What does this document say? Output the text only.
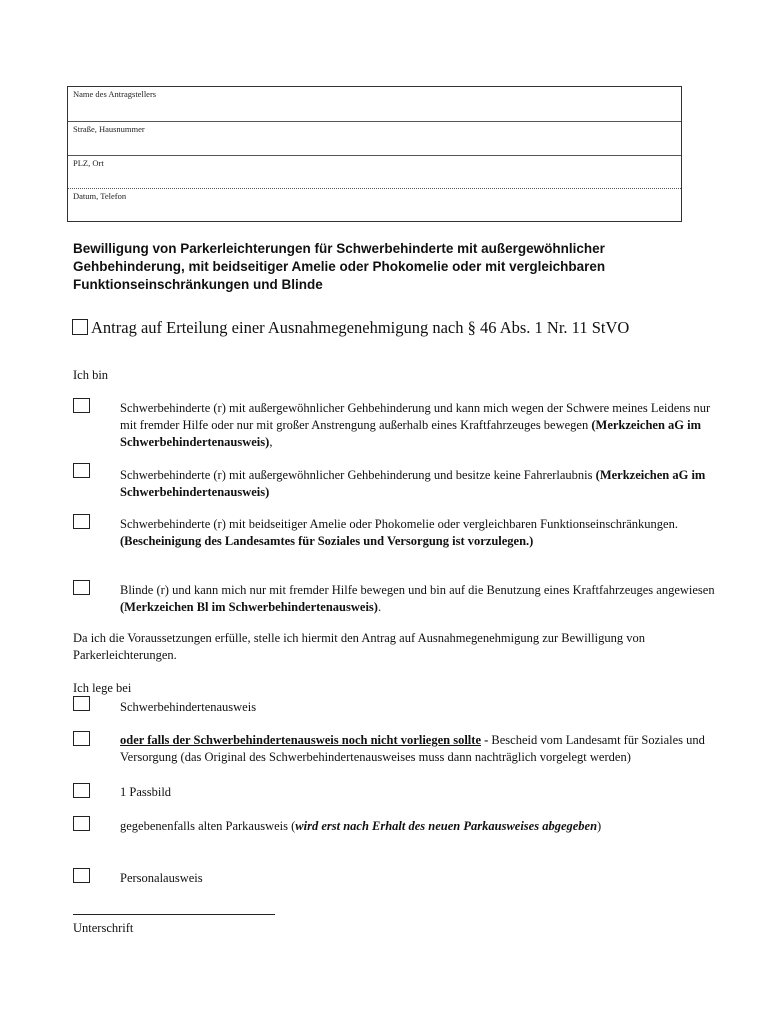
Name des Antragstellers
Straße, Hausnummer
PLZ, Ort
Datum, Telefon
Bewilligung von Parkerleichterungen für Schwerbehinderte mit außergewöhnlicher Gehbehinderung, mit beidseitiger Amelie oder Phokomelie oder mit vergleichbaren Funktionseinschränkungen und Blinde
Antrag auf Erteilung einer Ausnahmegenehmigung nach § 46 Abs. 1 Nr. 11 StVO
Ich bin
Schwerbehinderte (r) mit außergewöhnlicher Gehbehinderung und kann mich wegen der Schwere meines Leidens nur mit fremder Hilfe oder nur mit großer Anstrengung außerhalb eines Kraftfahrzeuges bewegen (Merkzeichen aG im Schwerbehindertenausweis),
Schwerbehinderte (r) mit außergewöhnlicher Gehbehinderung und besitze keine Fahrerlaubnis (Merkzeichen aG im Schwerbehindertenausweis)
Schwerbehinderte (r) mit beidseitiger Amelie oder Phokomelie oder vergleichbaren Funktionseinschränkungen. (Bescheinigung des Landesamtes für Soziales und Versorgung ist vorzulegen.)
Blinde (r) und kann mich nur mit fremder Hilfe bewegen und bin auf die Benutzung eines Kraftfahrzeuges angewiesen (Merkzeichen Bl im Schwerbehindertenausweis).
Da ich die Voraussetzungen erfülle, stelle ich hiermit den Antrag auf Ausnahmegenehmigung zur Bewilligung von Parkerleichterungen.
Ich lege bei
Schwerbehindertenausweis
oder falls der Schwerbehindertenausweis noch nicht vorliegen sollte - Bescheid vom Landesamt für Soziales und Versorgung (das Original des Schwerbehindertenausweises muss dann nachträglich vorgelegt werden)
1 Passbild
gegebenenfalls alten Parkausweis (wird erst nach Erhalt des neuen Parkausweises abgegeben)
Personalausweis
Unterschrift
